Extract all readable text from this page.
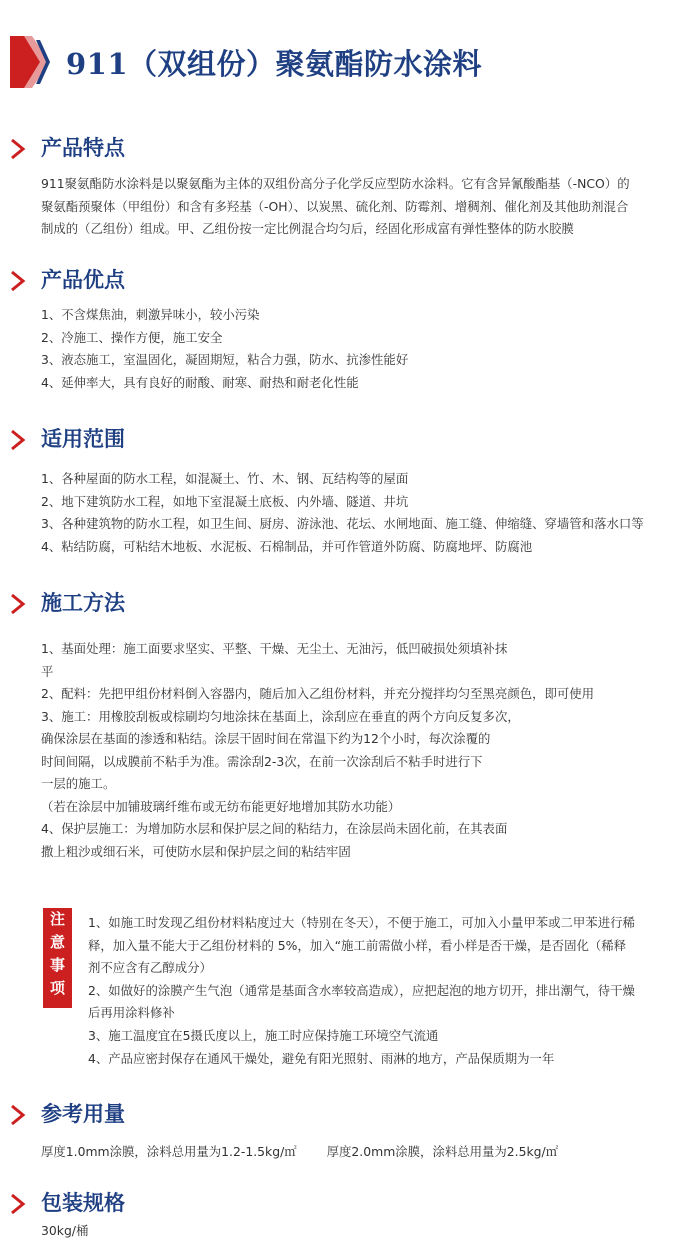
911（双组份）聚氨酯防水涂料
产品特点
911聚氨酯防水涂料是以聚氨酯为主体的双组份高分子化学反应型防水涂料。它有含异氰酸酯基（-NCO）的
聚氨酯预聚体（甲组份）和含有多羟基（-OH）、以炭黑、硫化剂、防霉剂、增稠剂、催化剂及其他助剂混合
制成的（乙组份）组成。甲、乙组份按一定比例混合均匀后，经固化形成富有弹性整体的防水胶膜
产品优点
1、不含煤焦油，刺激异味小，较小污染
2、冷施工、操作方便，施工安全
3、液态施工，室温固化，凝固期短，粘合力强，防水、抗渗性能好
4、延伸率大，具有良好的耐酸、耐寒、耐热和耐老化性能
适用范围
1、各种屋面的防水工程，如混凝土、竹、木、钢、瓦结构等的屋面
2、地下建筑防水工程，如地下室混凝土底板、内外墙、隧道、井坑
3、各种建筑物的防水工程，如卫生间、厨房、游泳池、花坛、水闸地面、施工缝、伸缩缝、穿墙管和落水口等
4、粘结防腐，可粘结木地板、水泥板、石棉制品，并可作管道外防腐、防腐地坪、防腐池
施工方法
1、基面处理：施工面要求坚实、平整、干燥、无尘土、无油污，低凹破损处须填补抹
平
2、配料：先把甲组份材料倒入容器内，随后加入乙组份材料，并充分搅拌均匀至黑亮颜色，即可使用
3、施工：用橡胶刮板或棕刷均匀地涂抹在基面上，涂刮应在垂直的两个方向反复多次，
确保涂层在基面的渗透和粘结。涂层干固时间在常温下约为12个小时，每次涂覆的
时间间隔，以成膜前不粘手为准。需涂刮2-3次，在前一次涂刮后不粘手时进行下
一层的施工。
（若在涂层中加铺玻璃纤维布或无纺布能更好地增加其防水功能）
4、保护层施工：为增加防水层和保护层之间的粘结力，在涂层尚未固化前，在其表面
撒上粗沙或细石米，可使防水层和保护层之间的粘结牢固
注
意
事
项
1、如施工时发现乙组份材料粘度过大（特别在冬天），不便于施工，可加入小量甲苯或二甲苯进行稀
释，加入量不能大于乙组份材料的 5%，加入“施工前需做小样，看小样是否干燥，是否固化（稀释
剂不应含有乙醇成分）
2、如做好的涂膜产生气泡（通常是基面含水率较高造成），应把起泡的地方切开，排出潮气，待干燥
后再用涂料修补
3、施工温度宜在5摄氏度以上，施工时应保持施工环境空气流通
4、产品应密封保存在通风干燥处，避免有阳光照射、雨淋的地方，产品保质期为一年
参考用量
厚度1.0mm涂膜，涂料总用量为1.2-1.5kg/㎡ 厚度2.0mm涂膜，涂料总用量为2.5kg/㎡
包装规格
30kg/桶
